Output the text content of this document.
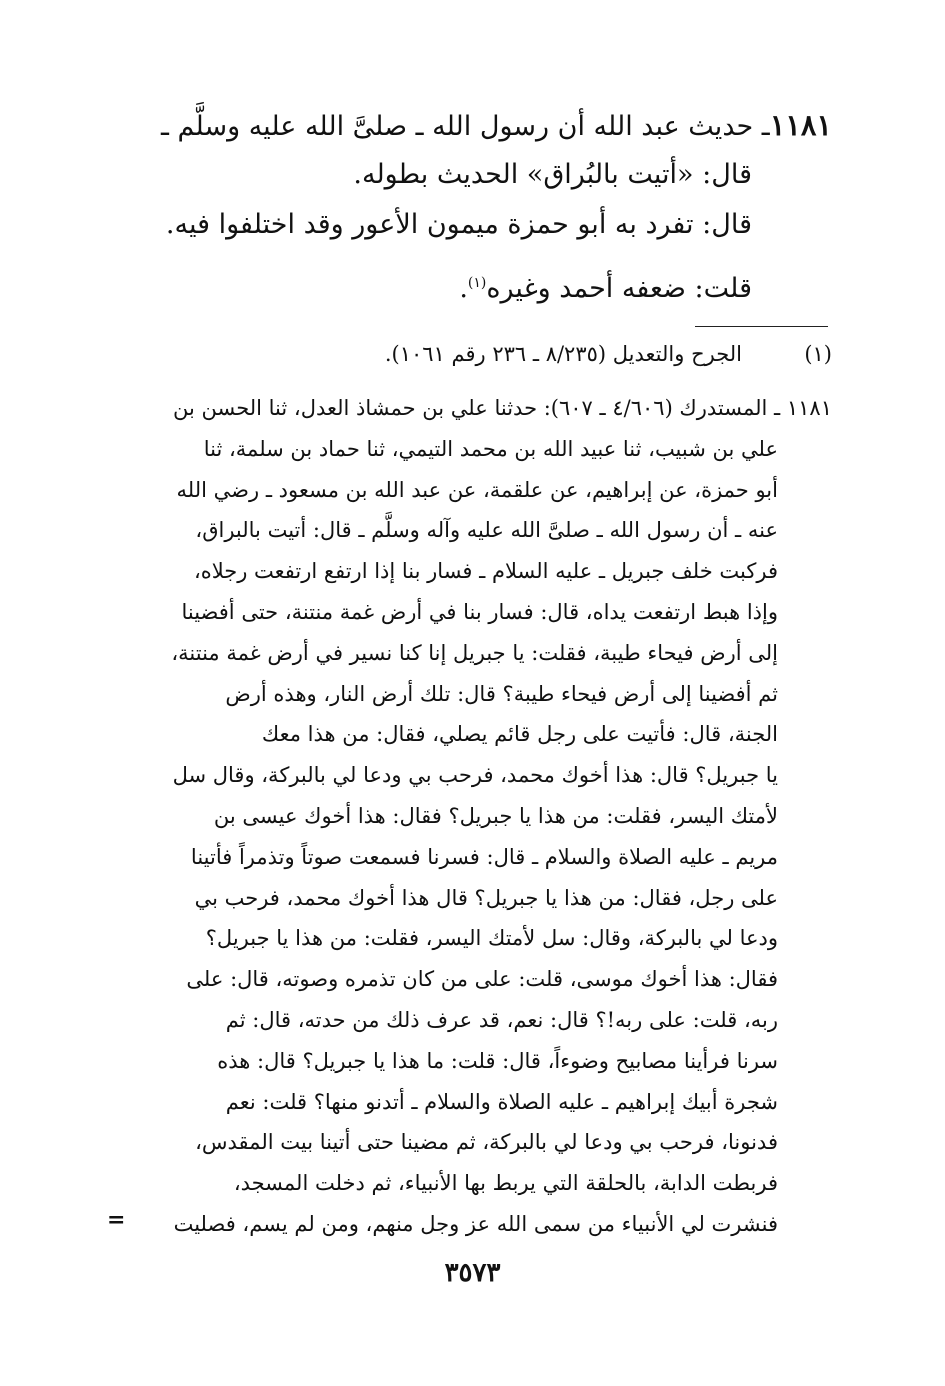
١١٨١ـ حديث عبد الله أن رسول الله ـ صلىَّ الله عليه وسلَّم ـ
قال: «أتيت بالبُراق» الحديث بطوله.
قال: تفرد به أبو حمزة ميمون الأعور وقد اختلفوا فيه.
قلت: ضعفه أحمد وغيره$^{(١)}$.
(١)الجرح والتعديل (٨/٢٣٥ ـ ٢٣٦ رقم ١٠٦١).
١١٨١ ـ المستدرك (٤/٦٠٦ ـ ٦٠٧): حدثنا علي بن حمشاذ العدل، ثنا الحسن بن
علي بن شبيب، ثنا عبيد الله بن محمد التيمي، ثنا حماد بن سلمة، ثنا
أبو حمزة، عن إبراهيم، عن علقمة، عن عبد الله بن مسعود ـ رضي الله
عنه ـ أن رسول الله ـ صلىَّ الله عليه وآله وسلَّم ـ قال: أتيت بالبراق،
فركبت خلف جبريل ـ عليه السلام ـ فسار بنا إذا ارتفع ارتفعت رجلاه،
وإذا هبط ارتفعت يداه، قال: فسار بنا في أرض غمة منتنة، حتى أفضينا
إلى أرض فيحاء طيبة، فقلت: يا جبريل إنا كنا نسير في أرض غمة منتنة،
ثم أفضينا إلى أرض فيحاء طيبة؟ قال: تلك أرض النار، وهذه أرض
الجنة، قال: فأتيت على رجل قائم يصلي، فقال: من هذا معك
يا جبريل؟ قال: هذا أخوك محمد، فرحب بي ودعا لي بالبركة، وقال سل
لأمتك اليسر، فقلت: من هذا يا جبريل؟ فقال: هذا أخوك عيسى بن
مريم ـ عليه الصلاة والسلام ـ قال: فسرنا فسمعت صوتاً وتذمراً فأتينا
على رجل، فقال: من هذا يا جبريل؟ قال هذا أخوك محمد، فرحب بي
ودعا لي بالبركة، وقال: سل لأمتك اليسر، فقلت: من هذا يا جبريل؟
فقال: هذا أخوك موسى، قلت: على من كان تذمره وصوته، قال: على
ربه، قلت: على ربه!؟ قال: نعم، قد عرف ذلك من حدته، قال: ثم
سرنا فرأينا مصابيح وضوءاً، قال: قلت: ما هذا يا جبريل؟ قال: هذه
شجرة أبيك إبراهيم ـ عليه الصلاة والسلام ـ أتدنو منها؟ قلت: نعم
فدنونا، فرحب بي ودعا لي بالبركة، ثم مضينا حتى أتينا بيت المقدس،
فربطت الدابة، بالحلقة التي يربط بها الأنبياء، ثم دخلت المسجد،
فنشرت لي الأنبياء من سمى الله عز وجل منهم، ومن لم يسم، فصليت
=
٣٥٧٣
